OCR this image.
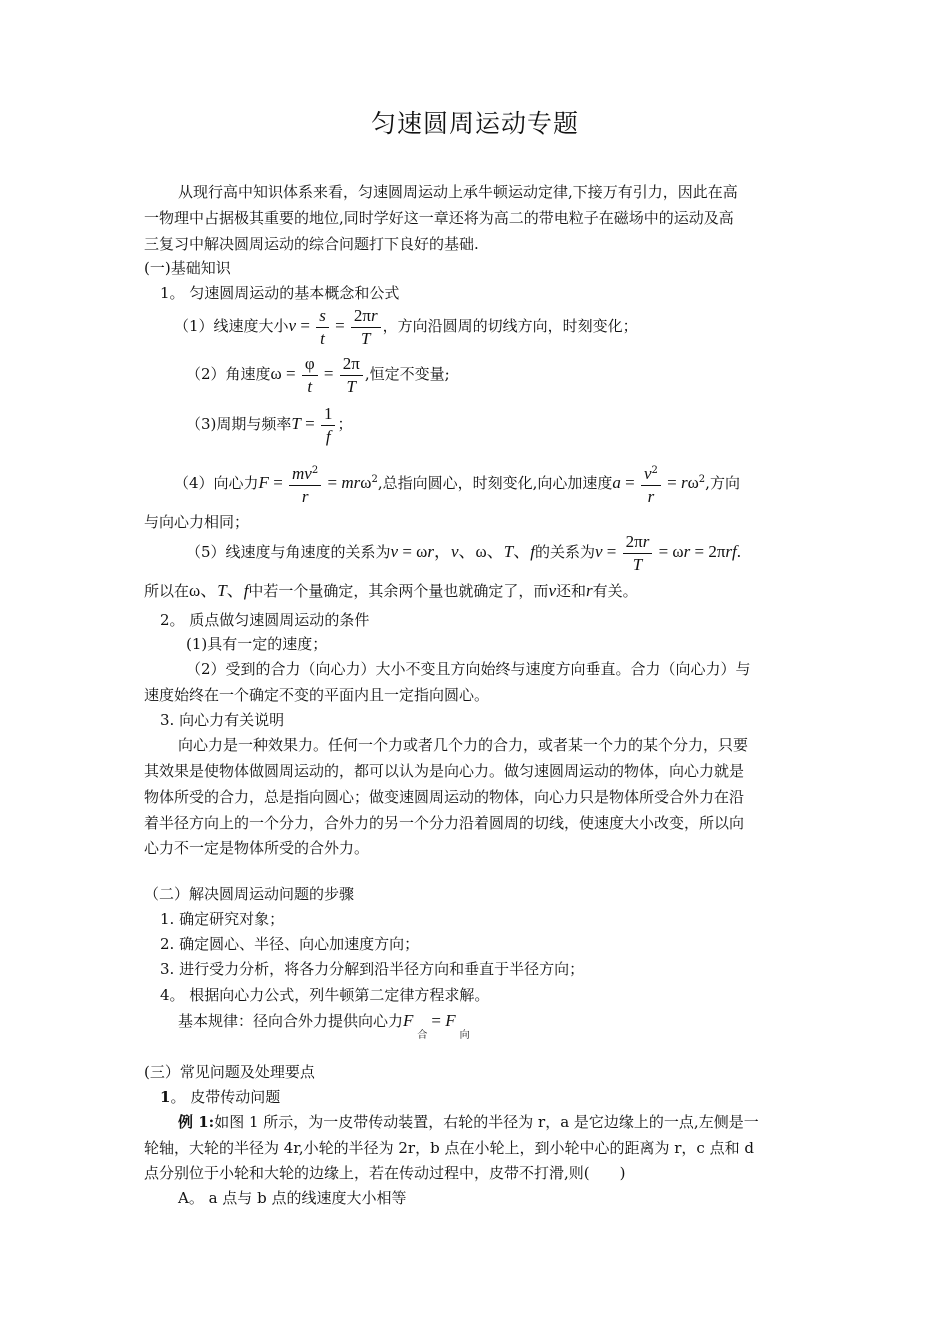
匀速圆周运动专题
从现行高中知识体系来看，匀速圆周运动上承牛顿运动定律,下接万有引力，因此在高
一物理中占据极其重要的地位,同时学好这一章还将为高二的带电粒子在磁场中的运动及高
三复习中解决圆周运动的综合问题打下良好的基础.
(一)基础知识
1。 匀速圆周运动的基本概念和公式
（1）线速度大小$v = \frac{s}{t} = \frac{2\pi r}{T}$ ，方向沿圆周的切线方向，时刻变化；
（2）角速度$\omega = \frac{\varphi}{t} = \frac{2\pi}{T}$ ,恒定不变量;
（3)周期与频率$T = \frac{1}{f}$ ；
（4）向心力$F = \frac{mv^2}{r} = mr\omega^2$,总指向圆心，时刻变化,向心加速度$a = \frac{v^2}{r} = r\omega^2$,方向
与向心力相同；
（5）线速度与角速度的关系为v = ωr，v、ω、T、f的关系为$v = \frac{2\pi r}{T} = \omega r = 2\pi rf$.
所以在ω、T、f中若一个量确定，其余两个量也就确定了，而v还和r有关。
2。 质点做匀速圆周运动的条件
(1)具有一定的速度；
（2）受到的合力（向心力）大小不变且方向始终与速度方向垂直。合力（向心力）与
速度始终在一个确定不变的平面内且一定指向圆心。
3. 向心力有关说明
向心力是一种效果力。任何一个力或者几个力的合力，或者某一个力的某个分力，只要
其效果是使物体做圆周运动的，都可以认为是向心力。做匀速圆周运动的物体，向心力就是
物体所受的合力，总是指向圆心；做变速圆周运动的物体，向心力只是物体所受合外力在沿
着半径方向上的一个分力，合外力的另一个分力沿着圆周的切线，使速度大小改变，所以向
心力不一定是物体所受的合外力。
（二）解决圆周运动问题的步骤
1. 确定研究对象；
2. 确定圆心、半径、向心加速度方向；
3. 进行受力分析，将各力分解到沿半径方向和垂直于半径方向；
4。 根据向心力公式，列牛顿第二定律方程求解。
基本规律：径向合外力提供向心力$F_合= F_向$
(三）常见问题及处理要点
1。 皮带传动问题
例 1:如图 1 所示，为一皮带传动装置，右轮的半径为 r，a 是它边缘上的一点,左侧是一
轮轴，大轮的半径为 4r,小轮的半径为 2r，b 点在小轮上，到小轮中心的距离为 r，c 点和 d
点分别位于小轮和大轮的边缘上，若在传动过程中，皮带不打滑,则(　　)
A。 a 点与 b 点的线速度大小相等
